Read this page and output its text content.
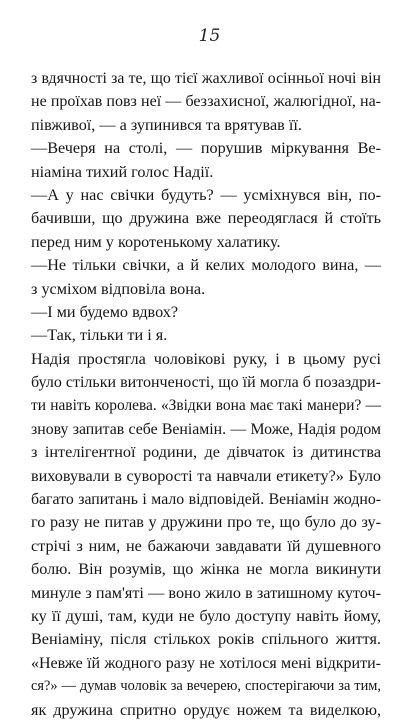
15
з вдячності за те, що тієї жахливої осінньої ночі він
не проїхав повз неї — беззахисної, жалюгідної, на-
півживої, — а зупинився та врятував її.
—Вечеря на столі, — порушив міркування Ве-
ніаміна тихий голос Надії.
—А у нас свічки будуть? — усміхнувся він, по-
бачивши, що дружина вже переодяглася й стоїть
перед ним у коротенькому халатику.
—Не тільки свічки, а й келих молодого вина, —
з усміхом відповіла вона.
—І ми будемо вдвох?
—Так, тільки ти і я.
Надія простягла чоловікові руку, і в цьому русі
було стільки витонченості, що їй могла б позаздри-
ти навіть королева. «Звідки вона має такі манери? —
знову запитав себе Веніамін. — Може, Надія родом
з інтелігентної родини, де дівчаток із дитинства
виховували в суворості та навчали етикету?» Було
багато запитань і мало відповідей. Веніамін жодно-
го разу не питав у дружини про те, що було до зу-
стрічі з ним, не бажаючи завдавати їй душевного
болю. Він розумів, що жінка не могла викинути
минуле з пам'яті — воно жило в затишному куточ-
ку її душі, там, куди не було доступу навіть йому,
Веніаміну, після стількох років спільного життя.
«Невже їй жодного разу не хотілося мені відкрити-
ся?» — думав чоловік за вечерею, спостерігаючи за тим,
як дружина спритно орудує ножем та виделкою,
